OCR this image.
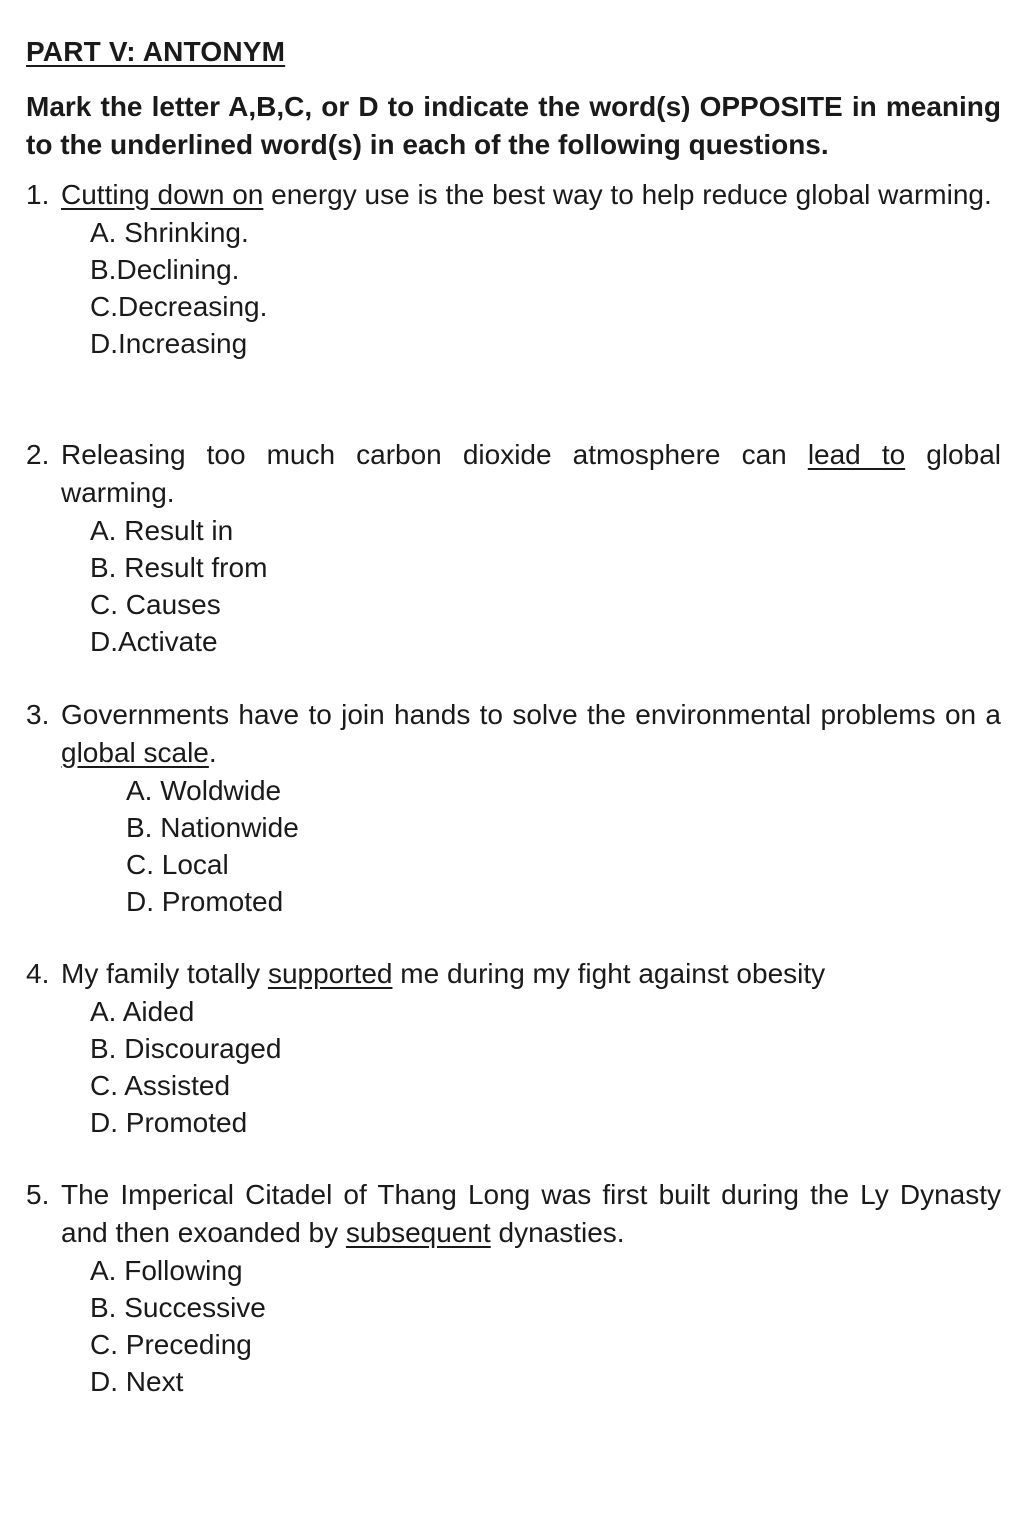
PART V: ANTONYM
Mark the letter A,B,C, or D to indicate the word(s) OPPOSITE in meaning to the underlined word(s) in each of the following questions.
1. Cutting down on energy use is the best way to help reduce global warming.
A. Shrinking.
B.Declining.
C.Decreasing.
D.Increasing
2. Releasing too much carbon dioxide atmosphere can lead to global warming.
A. Result in
B. Result from
C. Causes
D.Activate
3. Governments have to join hands to solve the environmental problems on a global scale.
A. Woldwide
B. Nationwide
C. Local
D. Promoted
4. My family totally supported me during my fight against obesity
A. Aided
B. Discouraged
C. Assisted
D. Promoted
5. The Imperical Citadel of Thang Long was first built during the Ly Dynasty and then exoanded by subsequent dynasties.
A. Following
B. Successive
C. Preceding
D. Next
